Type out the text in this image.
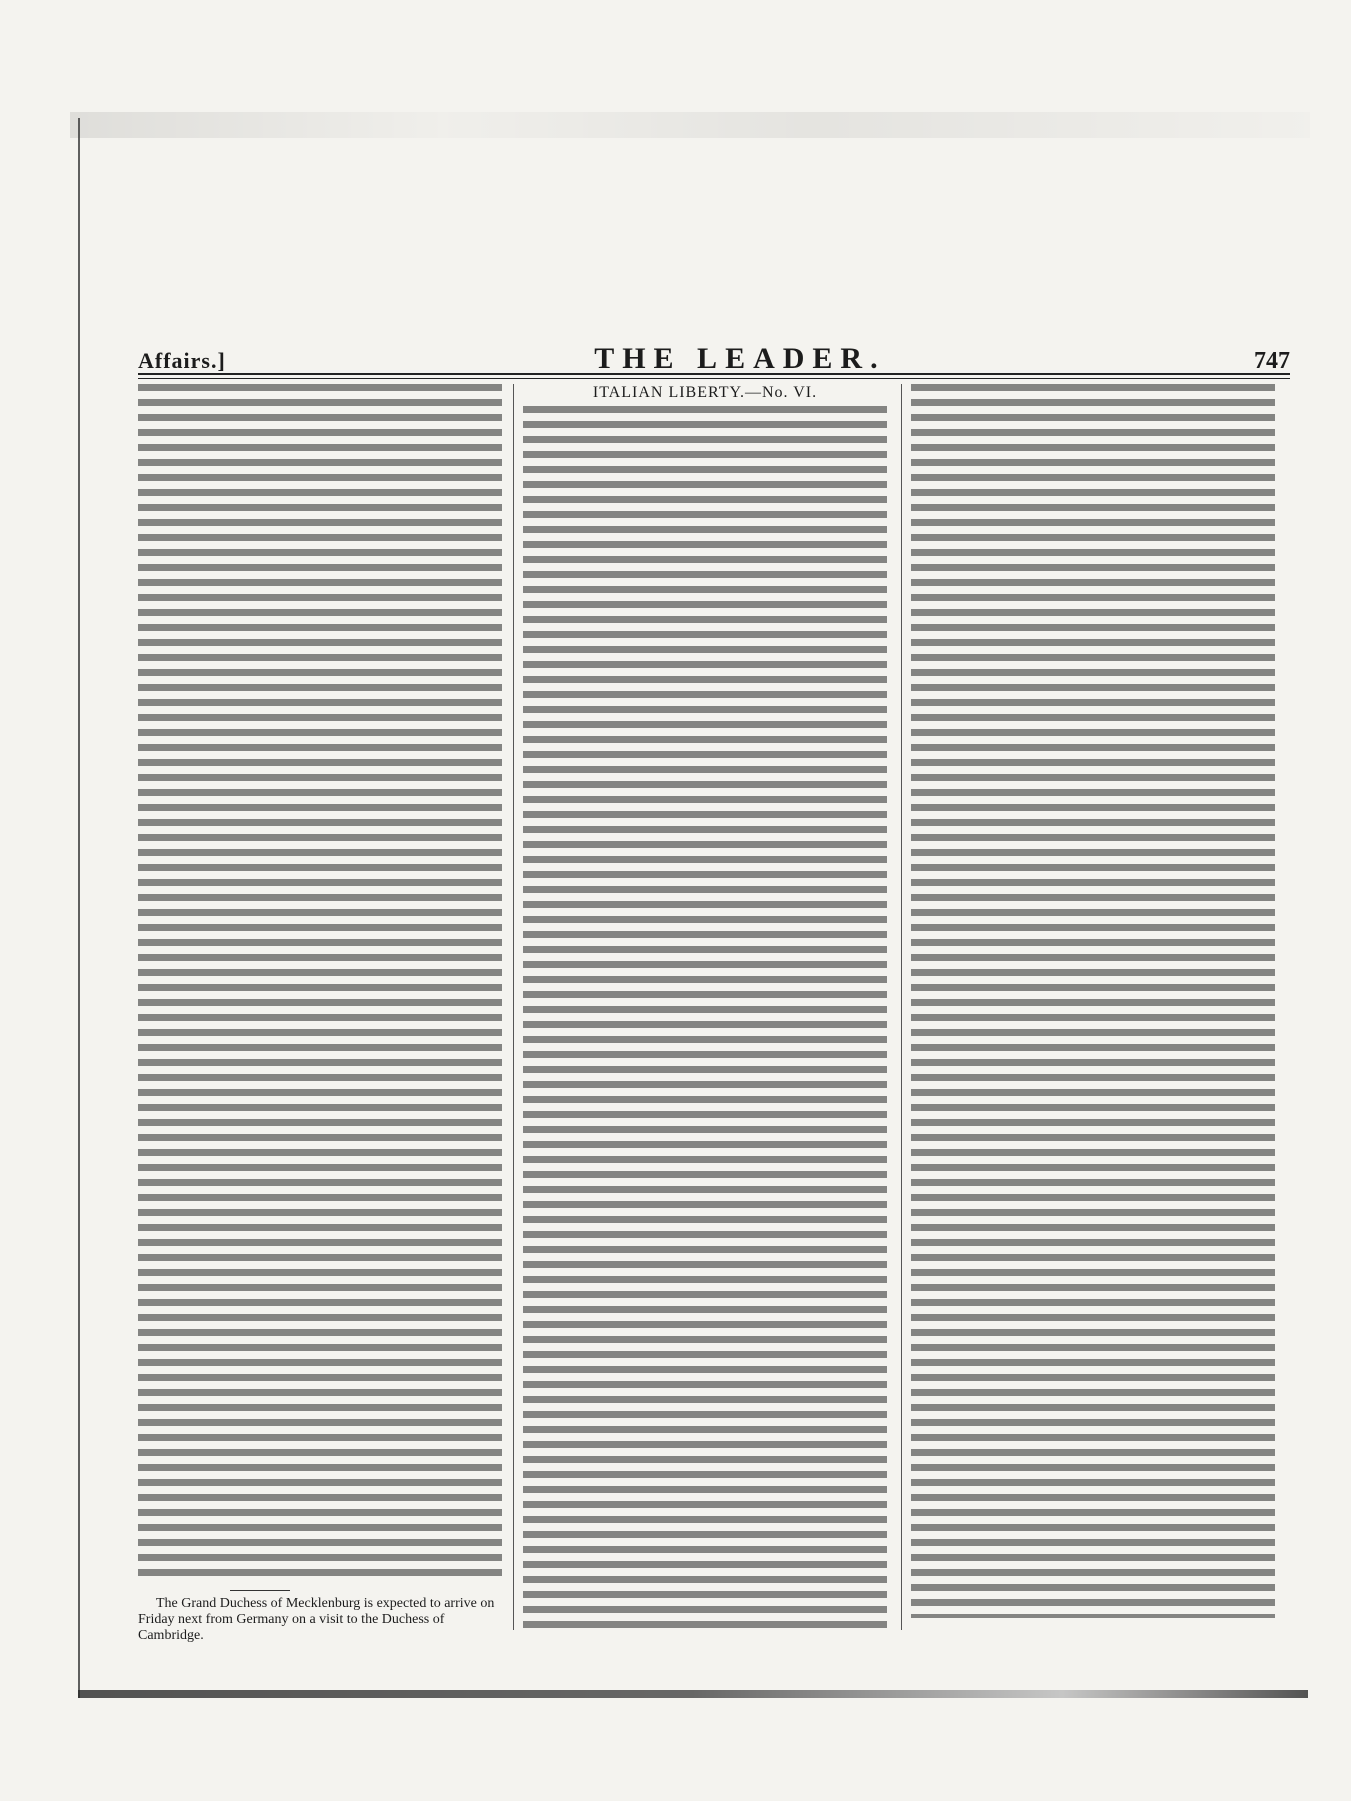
Affairs.]	THE LEADER.	747
ITALIAN LIBERTY.—No. VI.
The Grand Duchess of Mecklenburg is expected to arrive on Friday next from Germany on a visit to the Duchess of Cambridge.
